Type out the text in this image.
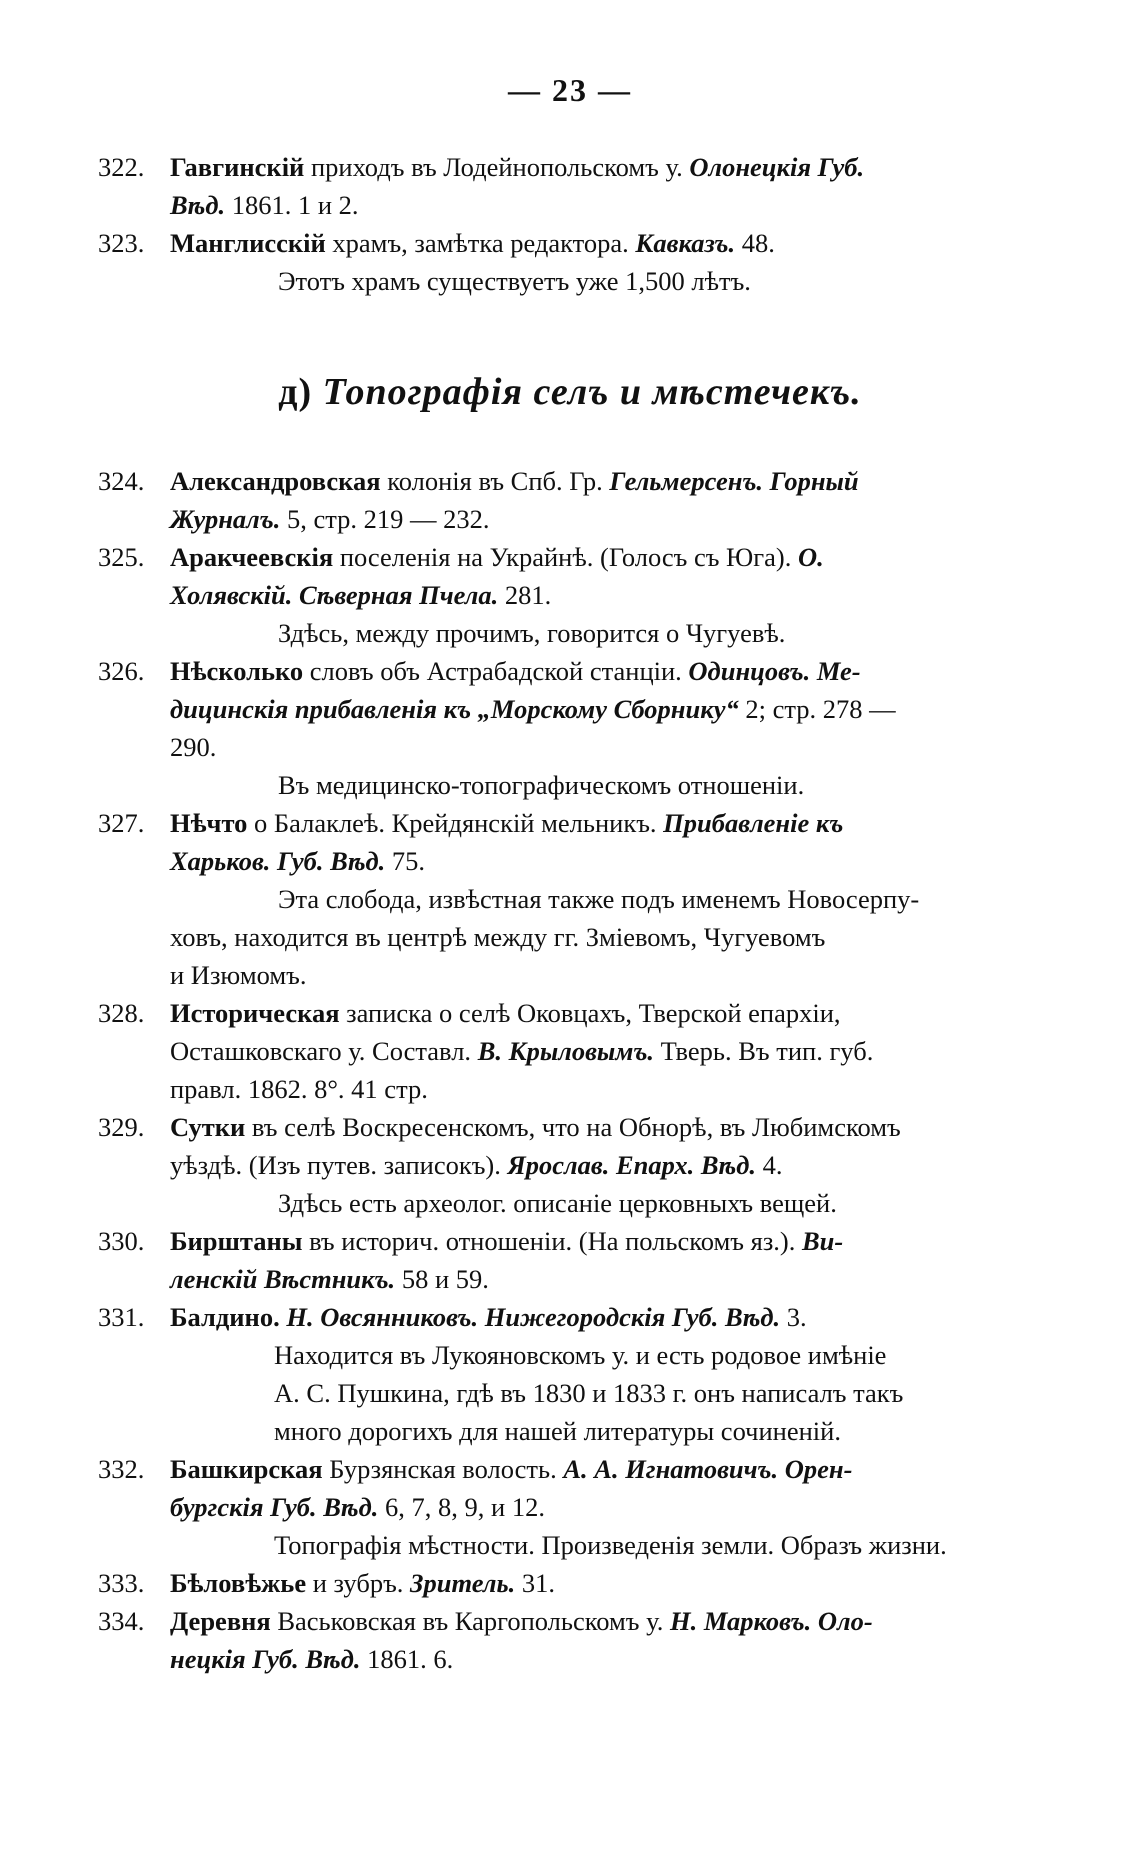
— 23 —
322. Гавгинскій приходъ въ Лодейнопольскомъ у. Олонецкія Губ.
Вѣд. 1861. 1 и 2.
323. Манглисскій храмъ, замѣтка редактора. Кавказъ. 48.
Этотъ храмъ существуетъ уже 1,500 лѣтъ.
д) Топографія селъ и мѣстечекъ.
324. Александровская колонія въ Спб. Гр. Гельмерсенъ. Горный
Журналъ. 5, стр. 219 — 232.
325. Аракчеевскія поселенія на Украйнѣ. (Голосъ съ Юга). О.
Холявскій. Сѣверная Пчела. 281.
Здѣсь, между прочимъ, говорится о Чугуевѣ.
326. Нѣсколько словъ объ Астрабадской станціи. Одинцовъ. Ме-
дицинскія прибавленія къ „Морскому Сборнику“ 2; стр. 278 —
290.
Въ медицинско-топографическомъ отношеніи.
327. Нѣчто о Балаклеѣ. Крейдянскій мельникъ. Прибавленіе къ
Харьков. Губ. Вѣд. 75.
Эта слобода, извѣстная также подъ именемъ Новосерпу-
ховъ, находится въ центрѣ между гг. Зміевомъ, Чугуевомъ
и Изюмомъ.
328. Историческая записка о селѣ Оковцахъ, Тверской епархіи,
Осташковскаго у. Составл. В. Крыловымъ. Тверь. Въ тип. губ.
правл. 1862. 8°. 41 стр.
329. Сутки въ селѣ Воскресенскомъ, что на Обнорѣ, въ Любимскомъ
уѣздѣ. (Изъ путев. записокъ). Ярослав. Епарх. Вѣд. 4.
Здѣсь есть археолог. описаніе церковныхъ вещей.
330. Бирштаны въ историч. отношеніи. (На польскомъ яз.). Ви-
ленскій Вѣстникъ. 58 и 59.
331. Балдино. Н. Овсянниковъ. Нижегородскія Губ. Вѣд. 3.
Находится въ Лукояновскомъ у. и есть родовое имѣніе
А. С. Пушкина, гдѣ въ 1830 и 1833 г. онъ написалъ такъ
много дорогихъ для нашей литературы сочиненій.
332. Башкирская Бурзянская волость. А. А. Игнатовичъ. Орен-
бургскія Губ. Вѣд. 6, 7, 8, 9, и 12.
Топографія мѣстности. Произведенія земли. Образъ жизни.
333. Бѣловѣжье и зубръ. Зритель. 31.
334. Деревня Васьковская въ Каргопольскомъ у. Н. Марковъ. Оло-
нецкія Губ. Вѣд. 1861. 6.
